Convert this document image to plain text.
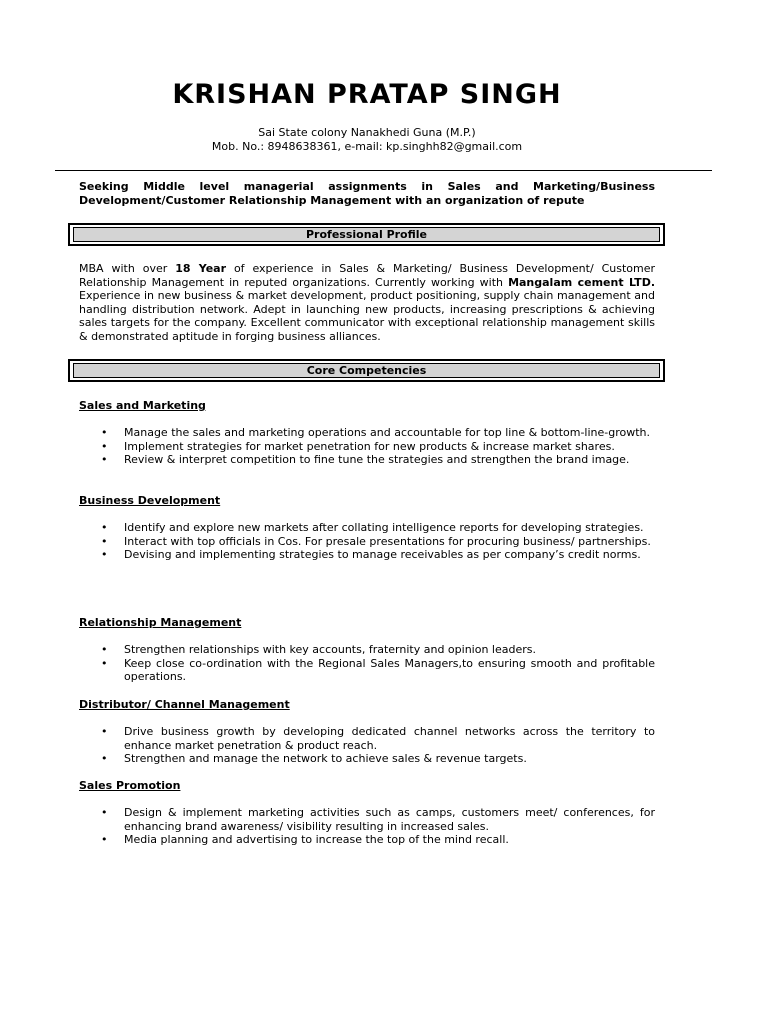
KRISHAN PRATAP SINGH
Sai State colony Nanakhedi Guna (M.P.)
Mob. No.: 8948638361, e-mail: kp.singhh82@gmail.com
Seeking Middle level managerial assignments in Sales and Marketing/Business Development/Customer Relationship Management with an organization of repute
Professional Profile
MBA with over 18 Year of experience in Sales & Marketing/ Business Development/ Customer Relationship Management in reputed organizations. Currently working with Mangalam cement LTD. Experience in new business & market development, product positioning, supply chain management and handling distribution network. Adept in launching new products, increasing prescriptions & achieving sales targets for the company. Excellent communicator with exceptional relationship management skills & demonstrated aptitude in forging business alliances.
Core Competencies
Sales and Marketing
• Manage the sales and marketing operations and accountable for top line & bottom-line-growth.
• Implement strategies for market penetration for new products & increase market shares.
• Review & interpret competition to fine tune the strategies and strengthen the brand image.
Business Development
• Identify and explore new markets after collating intelligence reports for developing strategies.
• Interact with top officials in Cos. For presale presentations for procuring business/ partnerships.
• Devising and implementing strategies to manage receivables as per company’s credit norms.
Relationship Management
• Strengthen relationships with key accounts, fraternity and opinion leaders.
• Keep close co-ordination with the Regional Sales Managers,to ensuring smooth and profitable operations.
Distributor/ Channel Management
• Drive business growth by developing dedicated channel networks across the territory to enhance market penetration & product reach.
• Strengthen and manage the network to achieve sales & revenue targets.
Sales Promotion
• Design & implement marketing activities such as camps, customers meet/ conferences, for enhancing brand awareness/ visibility resulting in increased sales.
• Media planning and advertising to increase the top of the mind recall.
